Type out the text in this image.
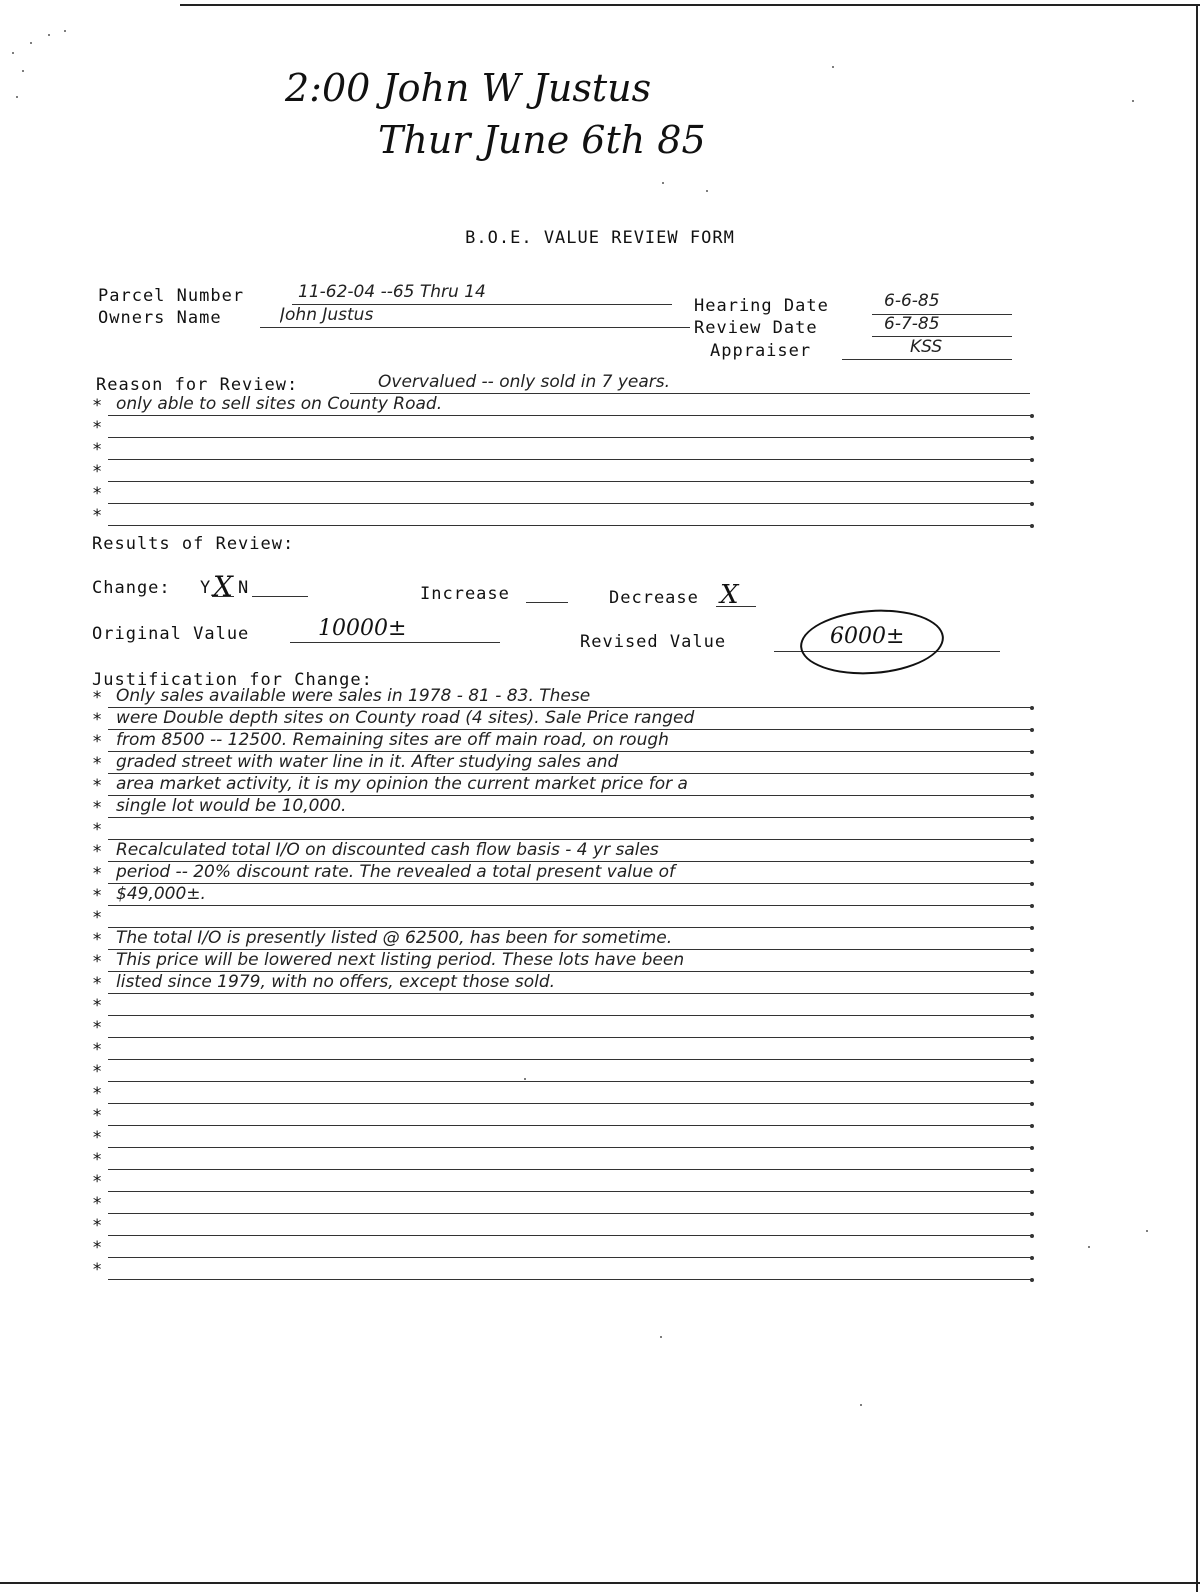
2:00 John W Justus
Thur June 6th 85
B.O.E. VALUE REVIEW FORM
Parcel Number	11-62-04 --65 Thru 14
Owners Name	John Justus	Hearing Date	6-6-85
Review Date	6-7-85
Appraiser	KSS
Reason for Review:	Overvalued -- only sold in 7 years.
* only able to sell sites on County Road.
*
*
*
*
*
Results of Review:
Change: Y X N	Increase	Decrease X
Original Value	10000±
Revised Value	6000±
Justification for Change:
* Only sales available were sales in 1978 - 81 - 83. These
* were Double depth sites on County road (4 sites). Sale Price ranged
* from 8500 -- 12500. Remaining sites are off main road, on rough
* graded street with water line in it. After studying sales and
* area market activity, it is my opinion the current market price for a
* single lot would be 10,000.
*
* Recalculated total I/O on discounted cash flow basis - 4 yr sales
* period -- 20% discount rate. The revealed a total present value of
* $49,000±.
*
* The total I/O is presently listed @ 62500, has been for sometime.
* This price will be lowered next listing period. These lots have been
* listed since 1979, with no offers, except those sold.
*
*
*
*
*
*
*
*
*
*
*
*
*
